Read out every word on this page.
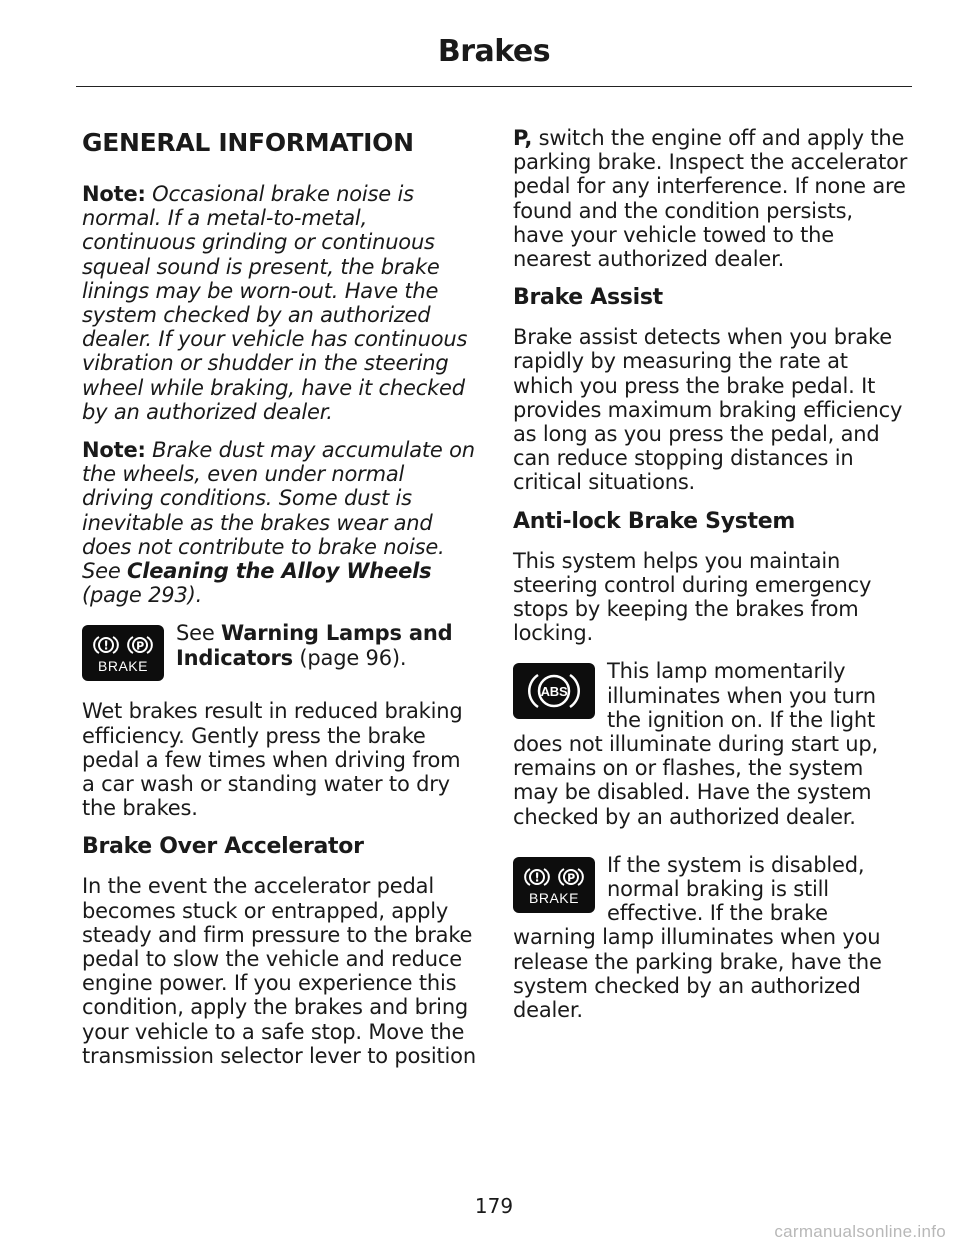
Brakes
GENERAL INFORMATION

Note: Occasional brake noise is normal. If a metal-to-metal, continuous grinding or continuous squeal sound is present, the brake linings may be worn-out. Have the system checked by an authorized dealer. If your vehicle has continuous vibration or shudder in the steering wheel while braking, have it checked by an authorized dealer.

Note: Brake dust may accumulate on the wheels, even under normal driving conditions. Some dust is inevitable as the brakes wear and does not contribute to brake noise. See Cleaning the Alloy Wheels (page 293).

! P
BRAKE
See Warning Lamps and Indicators (page 96).

Wet brakes result in reduced braking efficiency. Gently press the brake pedal a few times when driving from a car wash or standing water to dry the brakes.

Brake Over Accelerator

In the event the accelerator pedal becomes stuck or entrapped, apply steady and firm pressure to the brake pedal to slow the vehicle and reduce engine power. If you experience this condition, apply the brakes and bring your vehicle to a safe stop. Move the transmission selector lever to position

P, switch the engine off and apply the parking brake. Inspect the accelerator pedal for any interference. If none are found and the condition persists, have your vehicle towed to the nearest authorized dealer.

Brake Assist

Brake assist detects when you brake rapidly by measuring the rate at which you press the brake pedal. It provides maximum braking efficiency as long as you press the pedal, and can reduce stopping distances in critical situations.

Anti-lock Brake System

This system helps you maintain steering control during emergency stops by keeping the brakes from locking.

ABS
This lamp momentarily illuminates when you turn the ignition on. If the light does not illuminate during start up, remains on or flashes, the system may be disabled. Have the system checked by an authorized dealer.
! P
BRAKE
If the system is disabled, normal braking is still effective. If the brake warning lamp illuminates when you release the parking brake, have the system checked by an authorized dealer.
179
carmanualsonline.info
